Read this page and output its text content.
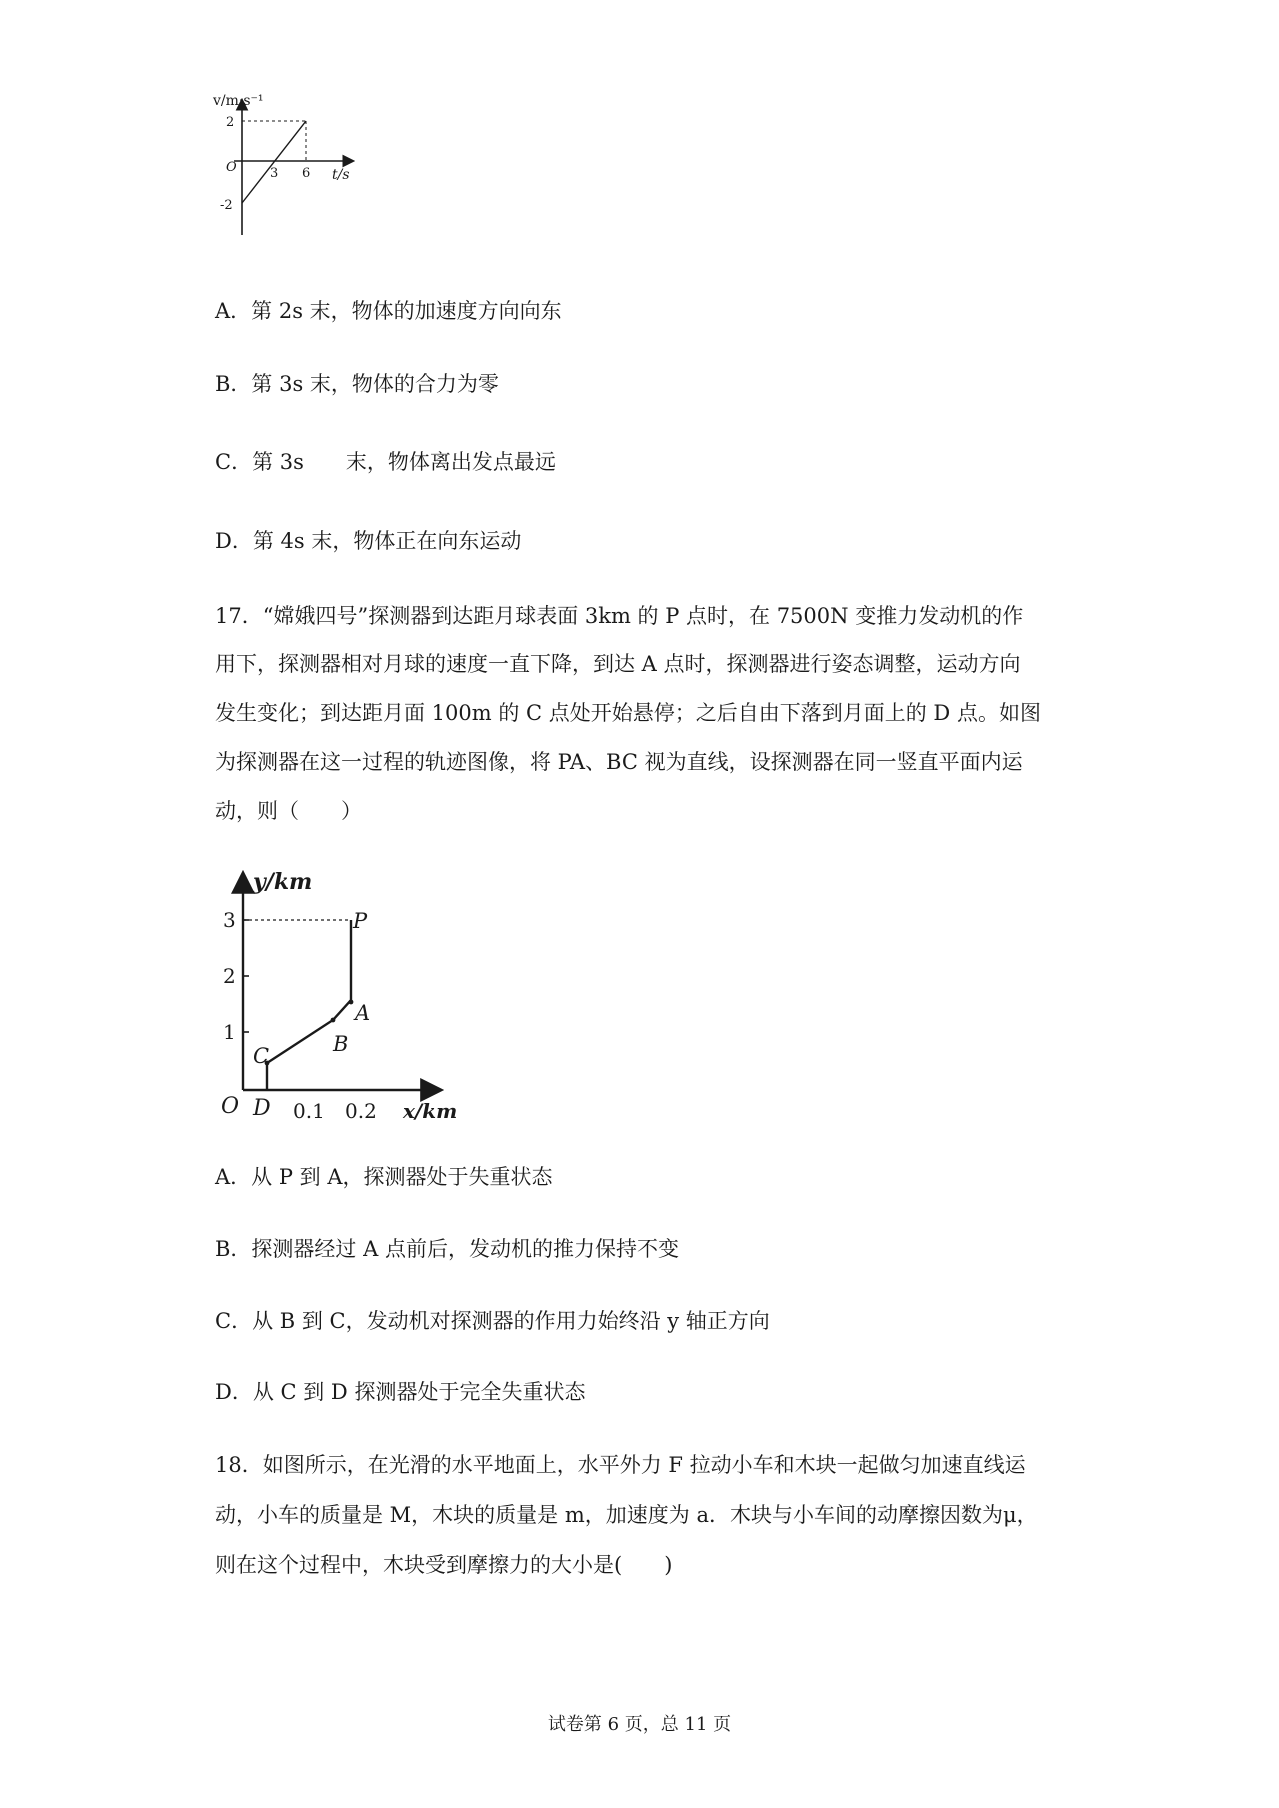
v/m·s⁻¹
t/s
O
2
-2
3 6
A．第 2s 末，物体的加速度方向向东
B．第 3s 末，物体的合力为零
C．第 3s　　末，物体离出发点最远
D．第 4s 末，物体正在向东运动
17．“嫦娥四号”探测器到达距月球表面 3km 的 P 点时，在 7500N 变推力发动机的作
用下，探测器相对月球的速度一直下降，到达 A 点时，探测器进行姿态调整，运动方向
发生变化；到达距月面 100m 的 C 点处开始悬停；之后自由下落到月面上的 D 点。如图
为探测器在这一过程的轨迹图像，将 PA、BC 视为直线，设探测器在同一竖直平面内运
动，则（　　）
y/km
x/km
O
1
2
3
0.1 0.2
P
A
B
C
D
A．从 P 到 A，探测器处于失重状态
B．探测器经过 A 点前后，发动机的推力保持不变
C．从 B 到 C，发动机对探测器的作用力始终沿 y 轴正方向
D．从 C 到 D 探测器处于完全失重状态
18．如图所示，在光滑的水平地面上，水平外力 F 拉动小车和木块一起做匀加速直线运
动，小车的质量是 M，木块的质量是 m，加速度为 a．木块与小车间的动摩擦因数为μ，
则在这个过程中，木块受到摩擦力的大小是(　　)
试卷第 6 页，总 11 页
